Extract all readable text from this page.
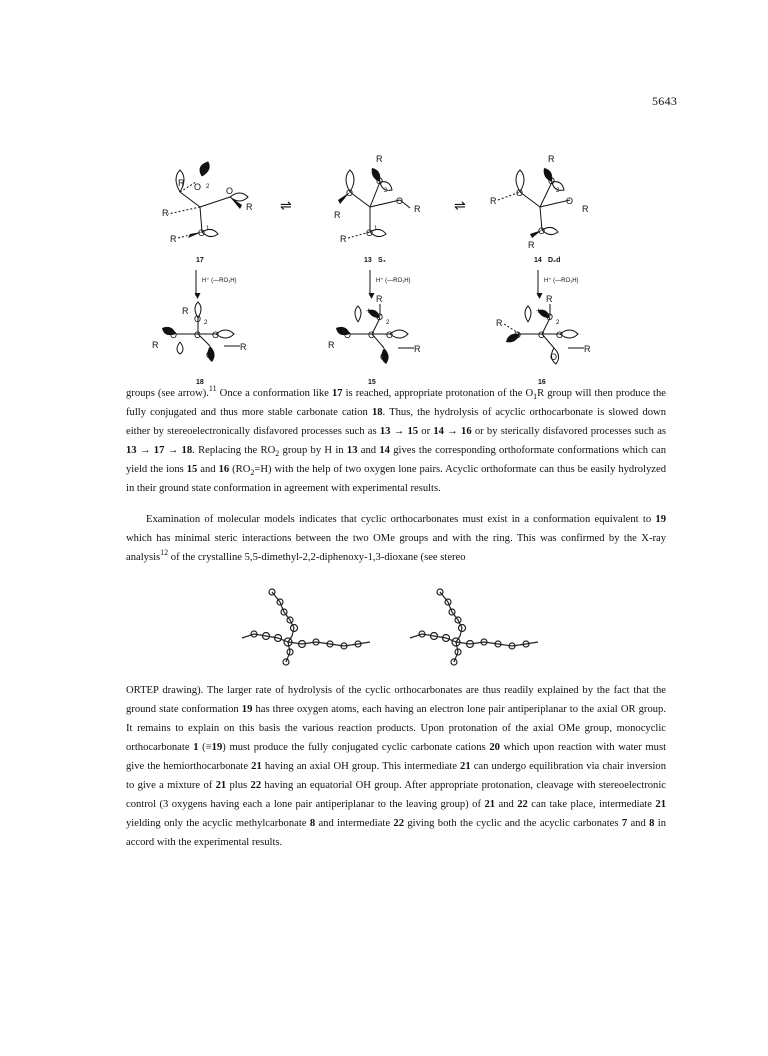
5643
O	O
O
R
R
R
R
2
1
17
⇌
O
O
O
O
R
R
R
R
2
1
13 S₄
⇌
O
O
O
O
R
R
R
R
2
14 D₂d
H⁺ (—RO₁H)	H⁺ (—RO₁H)	H⁺ (—RO₁H)
O
O
O
O
C
R
R
R
2
18
O
O
O
O
C
R
R
R
+
2
15
O
O
O
O
C
R
R
R
+
2
16

groups (see arrow).$^{11}$ Once a conformation like 17 is reached, appropriate protonation of the $O_1R$ group will then produce the fully conjugated and thus more stable carbonate cation 18. Thus, the hydrolysis of acyclic orthocarbonate is slowed down either by stereoelectronically disfavored processes such as 13 → 15 or 14 → 16 or by sterically disfavored processes such as 13 → 17 → 18. Replacing the $RO_2$ group by H in 13 and 14 gives the corresponding orthoformate conformations which can yield the ions 15 and 16 $(RO_2=H)$ with the help of two oxygen lone pairs. Acyclic orthoformate can thus be easily hydrolyzed in their ground state conformation in agreement with experimental results.

Examination of molecular models indicates that cyclic orthocarbonates must exist in a conformation equivalent to 19 which has minimal steric interactions between the two OMe groups and with the ring. This was confirmed by the X-ray analysis$^{12}$ of the crystalline 5,5-dimethyl-2,2-diphenoxy-1,3-dioxane (see stereo

ORTEP drawing). The larger rate of hydrolysis of the cyclic orthocarbonates are thus readily explained by the fact that the ground state conformation 19 has three oxygen atoms, each having an electron lone pair antiperiplanar to the axial OR group. It remains to explain on this basis the various reaction products. Upon protonation of the axial OMe group, monocyclic orthocarbonate 1 (≡19) must produce the fully conjugated cyclic carbonate cations 20 which upon reaction with water must give the hemiorthocarbonate 21 having an axial OH group. This intermediate 21 can undergo equilibration via chair inversion to give a mixture of 21 plus 22 having an equatorial OH group. After appropriate protonation, cleavage with stereoelectronic control (3 oxygens having each a lone pair antiperiplanar to the leaving group) of 21 and 22 can take place, intermediate 21 yielding only the acyclic methylcarbonate 8 and intermediate 22 giving both the cyclic and the acyclic carbonates 7 and 8 in accord with the experimental results.
